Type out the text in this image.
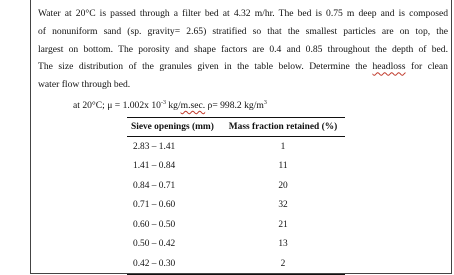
Water at 20°C is passed through a filter bed at 4.32 m/hr. The bed is 0.75 m deep and is composed
of nonuniform sand (sp. gravity= 2.65) stratified so that the smallest particles are on top, the
largest on bottom. The porosity and shape factors are 0.4 and 0.85 throughout the depth of bed.
The size distribution of the granules given in the table below. Determine the headloss for clean
water flow through bed.
at 20°C; μ = 1.002x $10^{-3}$ kg/m.sec. ρ= 998.2 $kg/m^3$
Sieve openings (mm)	Mass fraction retained (%)
2.83 – 1.41	1
1.41 – 0.84	11
0.84 – 0.71	20
0.71 – 0.60	32
0.60 – 0.50	21
0.50 – 0.42	13
0.42 – 0.30	2
